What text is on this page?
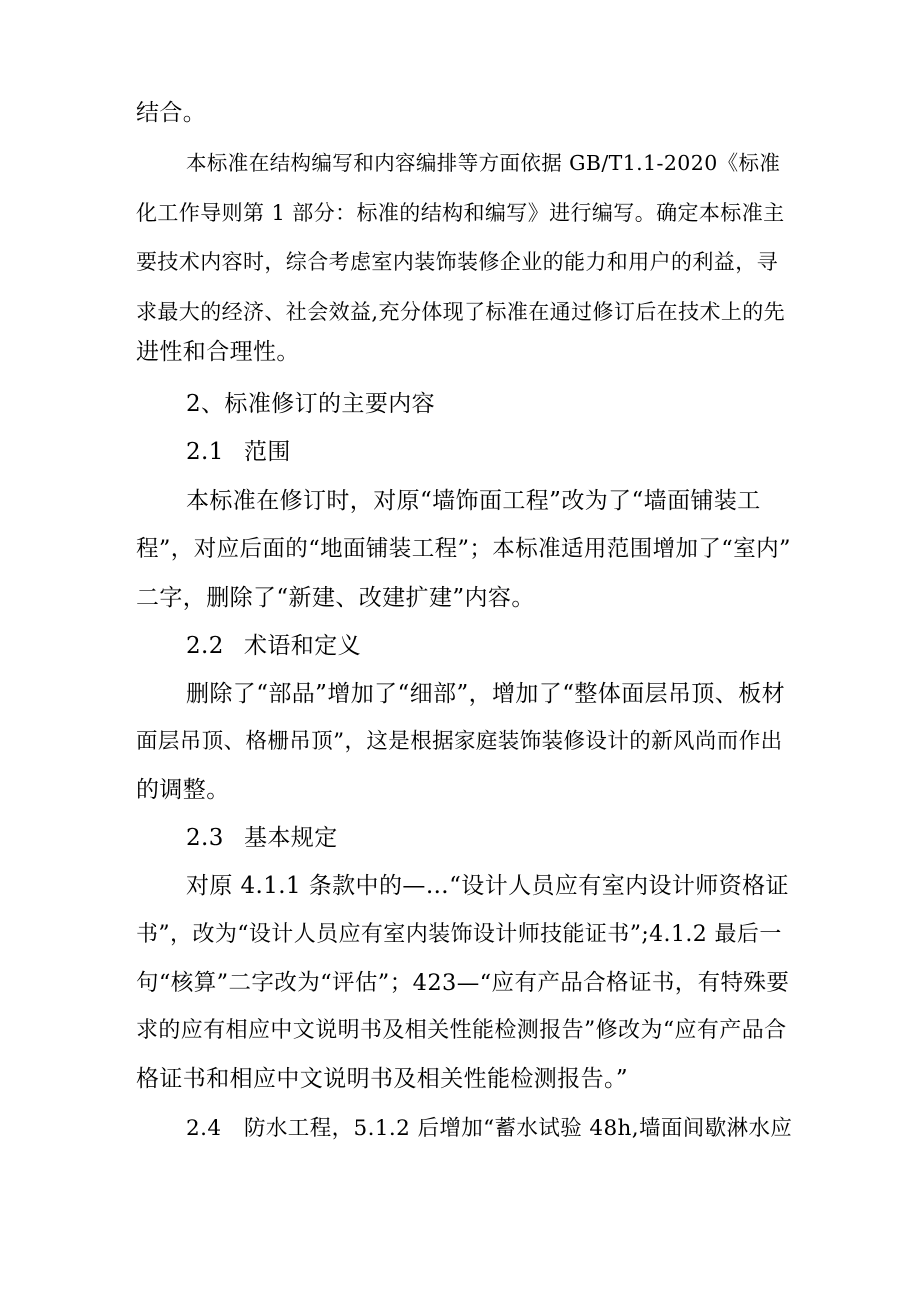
结合。
本标准在结构编写和内容编排等方面依据 GB/T1.1-2020《标准
化工作导则第 1 部分：标准的结构和编写》进行编写。确定本标准主
要技术内容时，综合考虑室内装饰装修企业的能力和用户的利益，寻
求最大的经济、社会效益,充分体现了标准在通过修订后在技术上的先
进性和合理性。
2、标准修订的主要内容
2.1 范围
本标准在修订时，对原“墙饰面工程”改为了“墙面铺装工
程”，对应后面的“地面铺装工程”；本标准适用范围增加了“室内”
二字，删除了“新建、改建扩建”内容。
2.2 术语和定义
删除了“部品”增加了“细部”，增加了“整体面层吊顶、板材
面层吊顶、格栅吊顶”，这是根据家庭装饰装修设计的新风尚而作出
的调整。
2.3 基本规定
对原 4.1.1 条款中的—…“设计人员应有室内设计师资格证
书”，改为“设计人员应有室内装饰设计师技能证书”;4.1.2 最后一
句“核算”二字改为“评估”；423—“应有产品合格证书，有特殊要
求的应有相应中文说明书及相关性能检测报告”修改为“应有产品合
格证书和相应中文说明书及相关性能检测报告。”
2.4 防水工程，5.1.2 后增加“蓄水试验 48h,墙面间歇淋水应
